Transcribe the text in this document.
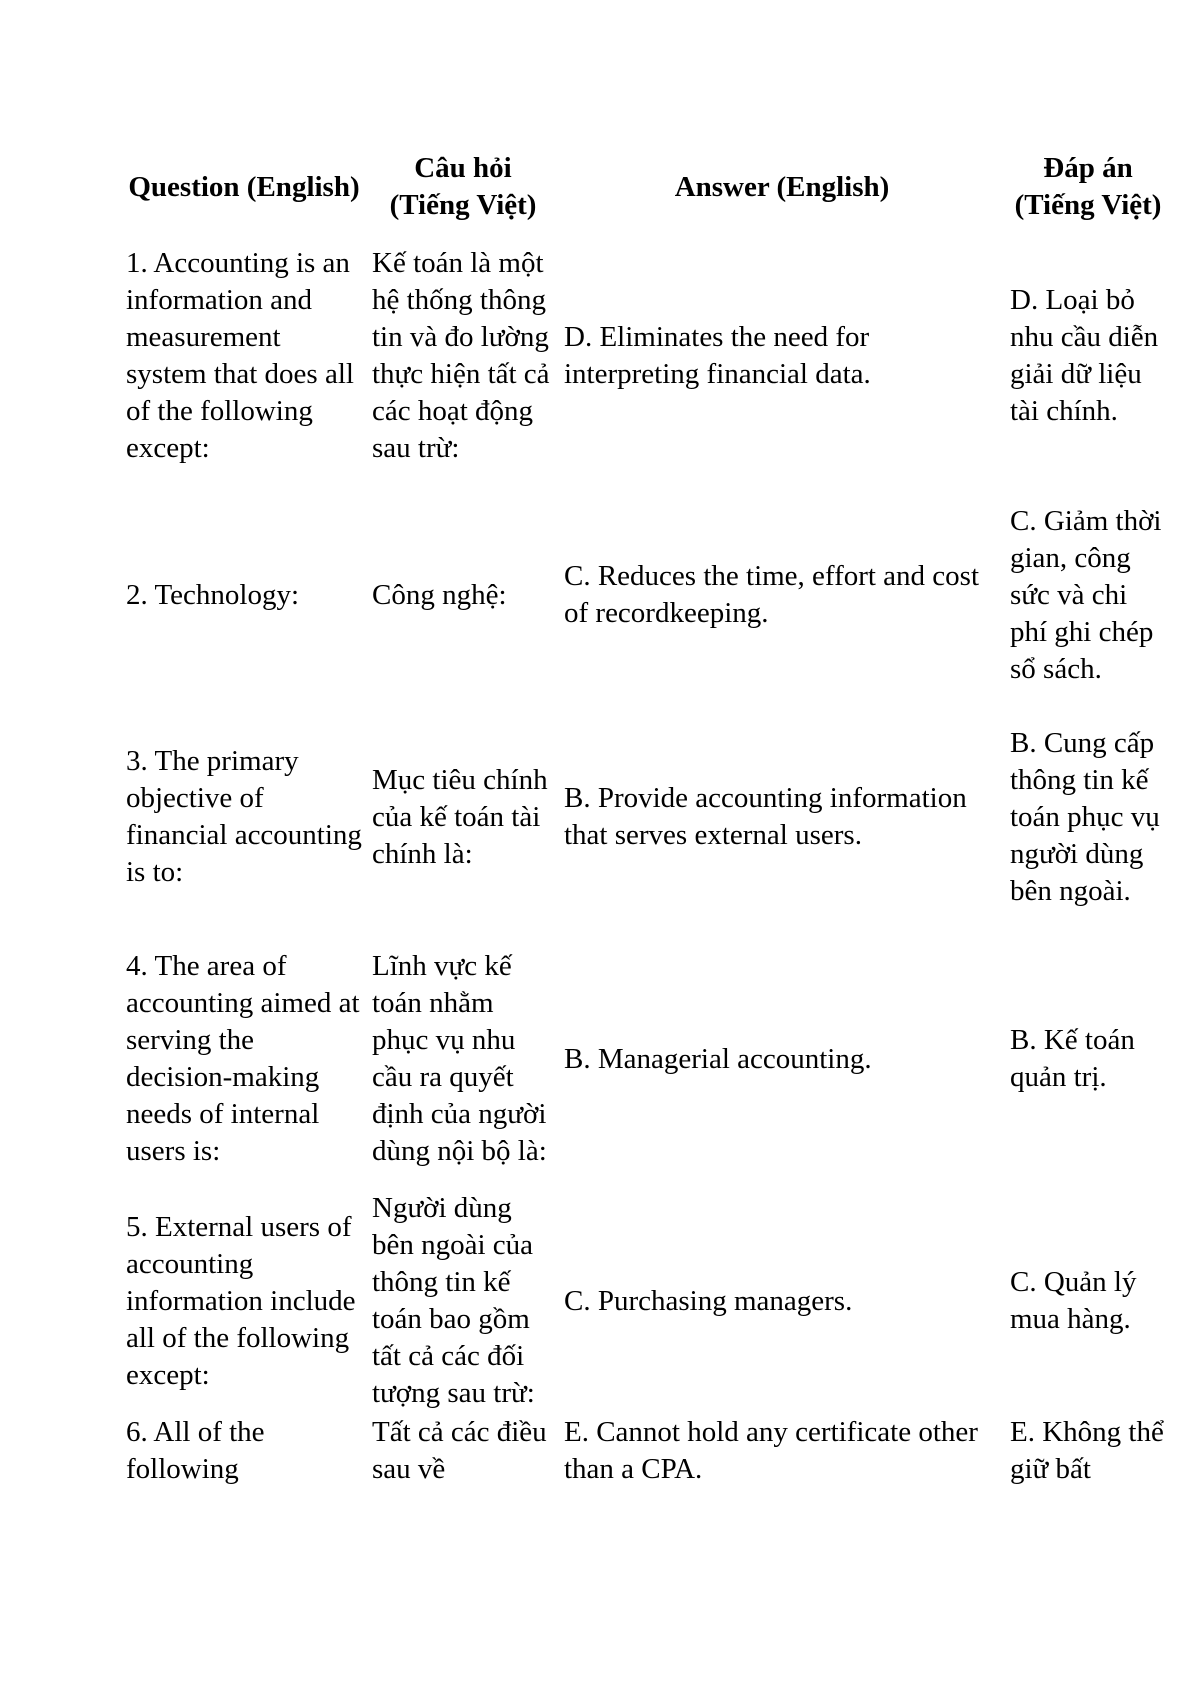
Question (English)	Câu hỏi (Tiếng Việt)	Answer (English)	Đáp án (Tiếng Việt)
1. Accounting is an information and measurement system that does all of the following except:	Kế toán là một hệ thống thông tin và đo lường thực hiện tất cả các hoạt động sau trừ:	D. Eliminates the need for interpreting financial data.	D. Loại bỏ nhu cầu diễn giải dữ liệu tài chính.
2. Technology:	Công nghệ:	C. Reduces the time, effort and cost of recordkeeping.	C. Giảm thời gian, công sức và chi phí ghi chép sổ sách.
3. The primary objective of financial accounting is to:	Mục tiêu chính của kế toán tài chính là:	B. Provide accounting information that serves external users.	B. Cung cấp thông tin kế toán phục vụ người dùng bên ngoài.
4. The area of accounting aimed at serving the decision-making needs of internal users is:	Lĩnh vực kế toán nhằm phục vụ nhu cầu ra quyết định của người dùng nội bộ là:	B. Managerial accounting.	B. Kế toán quản trị.
5. External users of accounting information include all of the following except:	Người dùng bên ngoài của thông tin kế toán bao gồm tất cả các đối tượng sau trừ:	C. Purchasing managers.	C. Quản lý mua hàng.
6. All of the following	Tất cả các điều sau về	E. Cannot hold any certificate other than a CPA.	E. Không thể giữ bất
